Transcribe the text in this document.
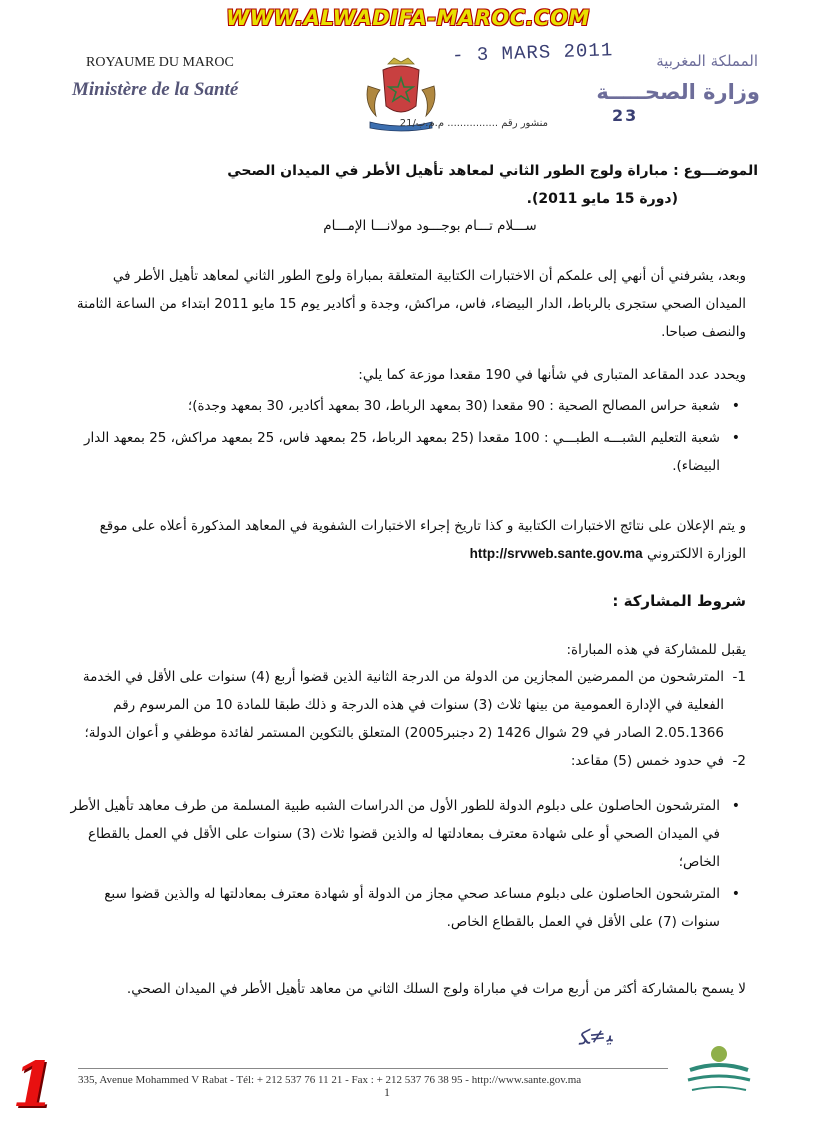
WWW.ALWADIFA-MAROC.COM
ROYAUME DU MAROC
Ministère de la Santé
- 3 MARS 2011	المملكة المغربية
وزارة الصحـــــة
23
منشور رقم ................ م.م.ب/21
الموضـــوع : مباراة ولوج الطور الثاني لمعاهد تأهيل الأطر في الميدان الصحي
(دورة 15 مايو 2011).
ســـلام تـــام بوجـــود مولانـــا الإمـــام
وبعد، يشرفني أن أنهي إلى علمكم أن الاختبارات الكتابية المتعلقة بمباراة ولوج الطور الثاني لمعاهد تأهيل الأطر في الميدان الصحي ستجرى بالرباط، الدار البيضاء، فاس، مراكش، وجدة و أكادير يوم 15 مايو 2011 ابتداء من الساعة الثامنة والنصف صباحا.
ويحدد عدد المقاعد المتبارى في شأنها في 190 مقعدا موزعة كما يلي:
• شعبة حراس المصالح الصحية : 90 مقعدا (30 بمعهد الرباط، 30 بمعهد أكادير، 30 بمعهد وجدة)؛
• شعبة التعليم الشبـــه الطبـــي : 100 مقعدا (25 بمعهد الرباط، 25 بمعهد فاس، 25 بمعهد مراكش، 25 بمعهد الدار البيضاء).
و يتم الإعلان على نتائج الاختبارات الكتابية و كذا تاريخ إجراء الاختبارات الشفوية في المعاهد المذكورة أعلاه على موقع الوزارة الالكتروني http://srvweb.sante.gov.ma
شروط المشاركة :
يقبل للمشاركة في هذه المباراة:
1-
المترشحون من الممرضين المجازين من الدولة من الدرجة الثانية الذين قضوا أربع (4) سنوات على الأقل في الخدمة الفعلية في الإدارة العمومية من بينها ثلاث (3) سنوات في هذه الدرجة و ذلك طبقا للمادة 10 من المرسوم رقم 2.05.1366 الصادر في 29 شوال 1426 (2 دجنبر2005) المتعلق بالتكوين المستمر لفائدة موظفي و أعوان الدولة؛
2-
في حدود خمس (5) مقاعد:
• المترشحون الحاصلون على دبلوم الدولة للطور الأول من الدراسات الشبه طبية المسلمة من طرف معاهد تأهيل الأطر في الميدان الصحي أو على شهادة معترف بمعادلتها له والذين قضوا ثلاث (3) سنوات على الأقل في العمل بالقطاع الخاص؛
• المترشحون الحاصلون على دبلوم مساعد صحي مجاز من الدولة أو شهادة معترف بمعادلتها له والذين قضوا سبع سنوات (7) على الأقل في العمل بالقطاع الخاص.
لا يسمح بالمشاركة أكثر من أربع مرات في مباراة ولوج السلك الثاني من معاهد تأهيل الأطر في الميدان الصحي.
ﻴ≠ﻜ
1 335, Avenue Mohammed V Rabat - Tél: + 212 537 76 11 21 - Fax : + 212 537 76 38 95 - http://www.sante.gov.ma
1
